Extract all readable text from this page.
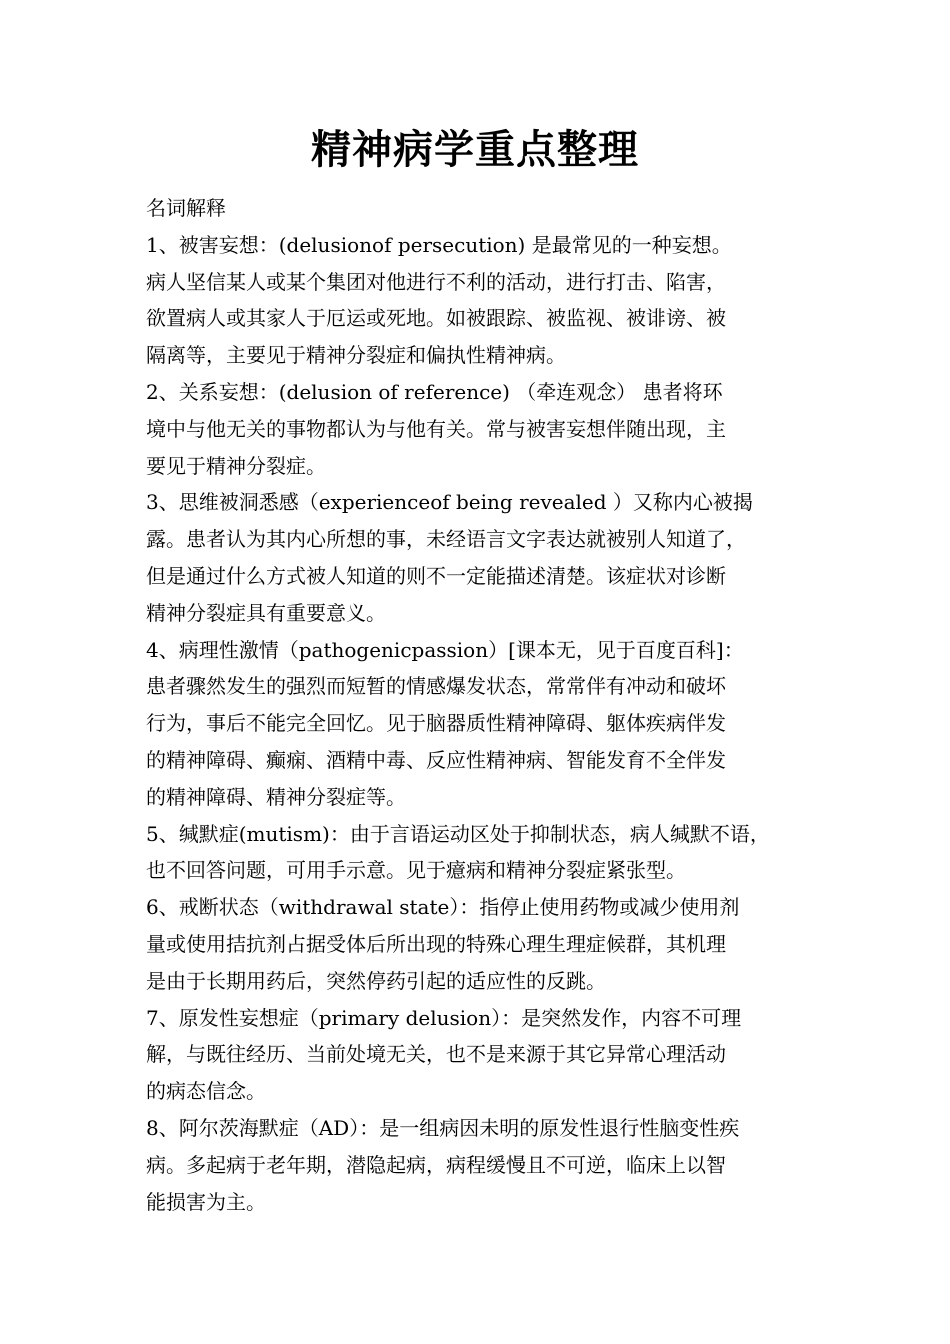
精神病学重点整理
名词解释
1、被害妄想：(delusionof persecution) 是最常见的一种妄想。
病人坚信某人或某个集团对他进行不利的活动，进行打击、陷害，
欲置病人或其家人于厄运或死地。如被跟踪、被监视、被诽谤、被
隔离等，主要见于精神分裂症和偏执性精神病。
2、关系妄想：(delusion of reference) （牵连观念） 患者将环
境中与他无关的事物都认为与他有关。常与被害妄想伴随出现，主
要见于精神分裂症。
3、思维被洞悉感（experienceof being revealed ）又称内心被揭
露。患者认为其内心所想的事，未经语言文字表达就被别人知道了，
但是通过什么方式被人知道的则不一定能描述清楚。该症状对诊断
精神分裂症具有重要意义。
4、病理性激情（pathogenicpassion）[课本无，见于百度百科]：
患者骤然发生的强烈而短暂的情感爆发状态，常常伴有冲动和破坏
行为，事后不能完全回忆。见于脑器质性精神障碍、躯体疾病伴发
的精神障碍、癫痫、酒精中毒、反应性精神病、智能发育不全伴发
的精神障碍、精神分裂症等。
5、缄默症(mutism)：由于言语运动区处于抑制状态，病人缄默不语，
也不回答问题，可用手示意。见于癔病和精神分裂症紧张型。
6、戒断状态（withdrawal state）：指停止使用药物或减少使用剂
量或使用拮抗剂占据受体后所出现的特殊心理生理症候群，其机理
是由于长期用药后，突然停药引起的适应性的反跳。
7、原发性妄想症（primary delusion）：是突然发作，内容不可理
解，与既往经历、当前处境无关，也不是来源于其它异常心理活动
的病态信念。
8、阿尔茨海默症（AD）：是一组病因未明的原发性退行性脑变性疾
病。多起病于老年期，潜隐起病，病程缓慢且不可逆，临床上以智
能损害为主。
